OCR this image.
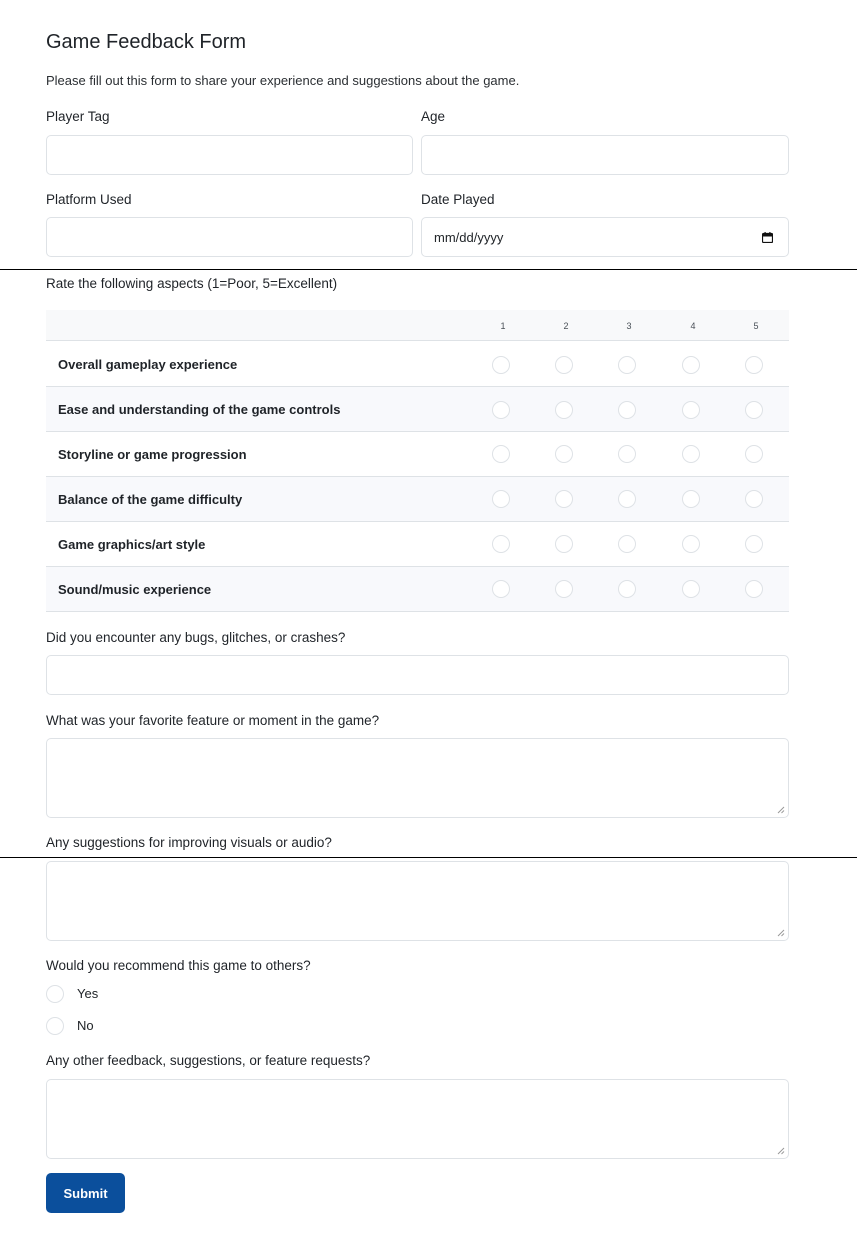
Game Feedback Form
Please fill out this form to share your experience and suggestions about the game.
Player Tag	Age
Platform Used	Date Played
mm/dd/yyyy
Rate the following aspects (1=Poor, 5=Excellent)
1	2	3	4	5
Overall gameplay experience
Ease and understanding of the game controls
Storyline or game progression
Balance of the game difficulty
Game graphics/art style
Sound/music experience
Did you encounter any bugs, glitches, or crashes?
What was your favorite feature or moment in the game?
Any suggestions for improving visuals or audio?
Would you recommend this game to others?
Yes
No
Any other feedback, suggestions, or feature requests?
Submit
